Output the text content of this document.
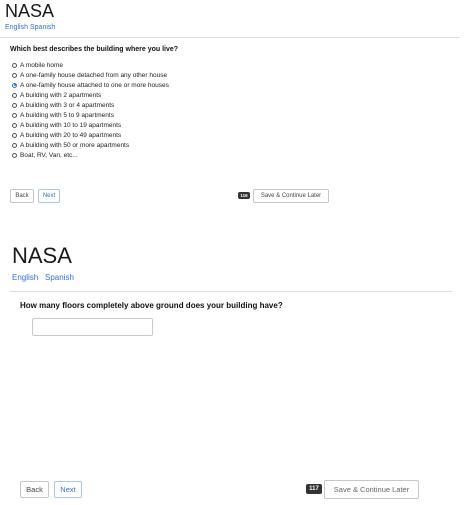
NASA
English Spanish
Which best describes the building where you live?
A mobile home
A one-family house detached from any other house
A one-family house attached to one or more houses
A building with 2 apartments
A building with 3 or 4 apartments
A building with 5 to 9 apartments
A building with 10 to 19 apartments
A building with 20 to 49 apartments
A building with 50 or more apartments
Boat, RV, Van, etc...
Back	Next	116	Save & Continue Later
NASA
English Spanish
How many floors completely above ground does your building have?
Back	Next	117	Save & Continue Later
